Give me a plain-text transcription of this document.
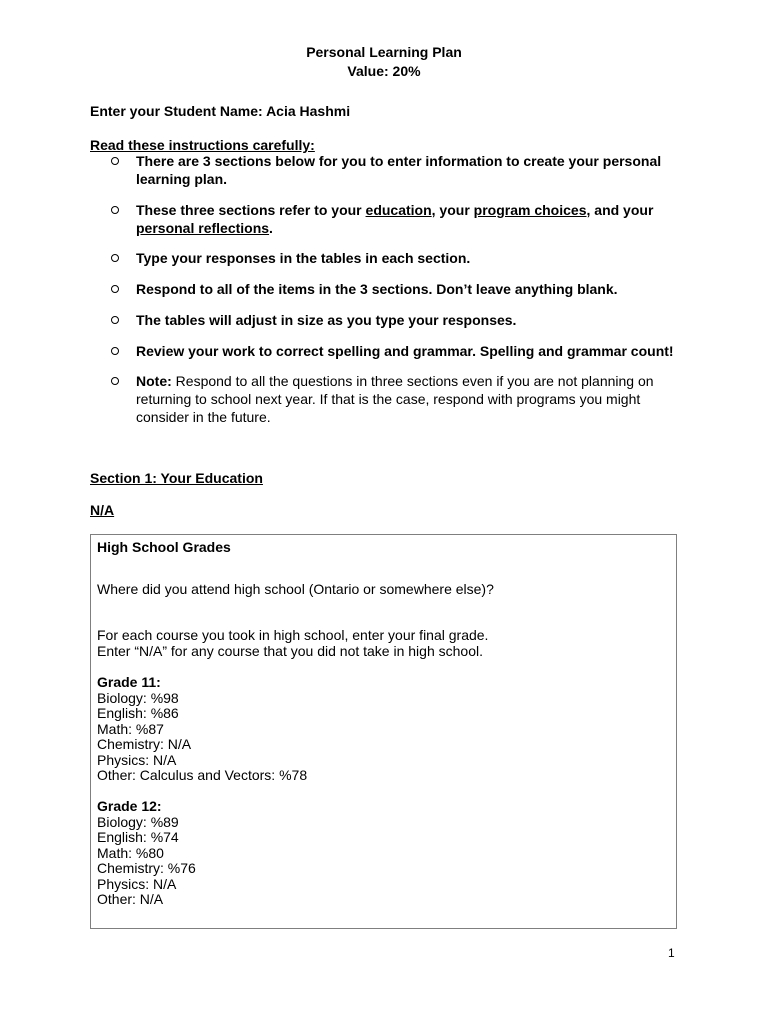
Personal Learning Plan
Value: 20%
Enter your Student Name: Acia Hashmi
Read these instructions carefully:
There are 3 sections below for you to enter information to create your personal learning plan.
These three sections refer to your education, your program choices, and your personal reflections.
Type your responses in the tables in each section.
Respond to all of the items in the 3 sections. Don’t leave anything blank.
The tables will adjust in size as you type your responses.
Review your work to correct spelling and grammar. Spelling and grammar count!
Note: Respond to all the questions in three sections even if you are not planning on returning to school next year. If that is the case, respond with programs you might consider in the future.
Section 1: Your Education
N/A
High School Grades
Where did you attend high school (Ontario or somewhere else)?
For each course you took in high school, enter your final grade.
Enter “N/A” for any course that you did not take in high school.
Grade 11:
Biology: %98
English: %86
Math: %87
Chemistry: N/A
Physics: N/A
Other: Calculus and Vectors: %78
Grade 12:
Biology: %89
English: %74
Math: %80
Chemistry: %76
Physics: N/A
Other: N/A
1
